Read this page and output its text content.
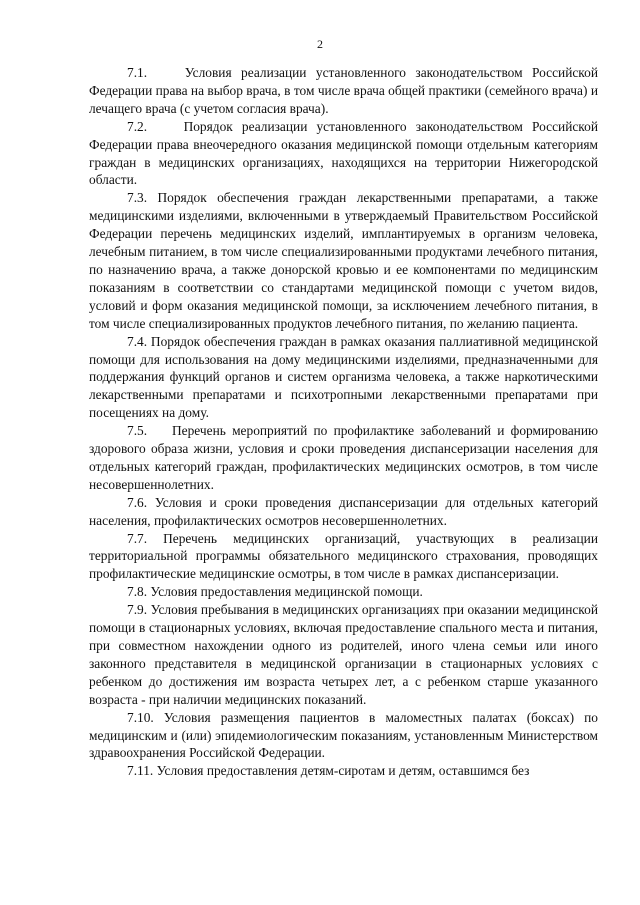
2

7.1.    Условия реализации установленного законодательством Российской Федерации права на выбор врача, в том числе врача общей практики (семейного врача) и лечащего врача (с учетом согласия врача).

7.2.    Порядок реализации установленного законодательством Российской Федерации права внеочередного оказания медицинской помощи отдельным категориям граждан в медицинских организациях, находящихся на территории Нижегородской области.

7.3. Порядок обеспечения граждан лекарственными препаратами, а также медицинскими изделиями, включенными в утверждаемый Правительством Российской Федерации перечень медицинских изделий, имплантируемых в организм человека, лечебным питанием, в том числе специализированными продуктами лечебного питания, по назначению врача, а также донорской кровью и ее компонентами по медицинским показаниям в соответствии со стандартами медицинской помощи с учетом видов, условий и форм оказания медицинской помощи, за исключением лечебного питания, в том числе специализированных продуктов лечебного питания, по желанию пациента.

7.4. Порядок обеспечения граждан в рамках оказания паллиативной медицинской помощи для использования на дому медицинскими изделиями, предназначенными для поддержания функций органов и систем организма человека, а также наркотическими лекарственными препаратами и психотропными лекарственными препаратами при посещениях на дому.

7.5.    Перечень мероприятий по профилактике заболеваний и формированию здорового образа жизни, условия и сроки проведения диспансеризации населения для отдельных категорий граждан, профилактических медицинских осмотров, в том числе несовершеннолетних.

7.6. Условия и сроки проведения диспансеризации для отдельных категорий населения, профилактических осмотров несовершеннолетних.

7.7. Перечень медицинских организаций, участвующих в реализации территориальной программы обязательного медицинского страхования, проводящих профилактические медицинские осмотры, в том числе в рамках диспансеризации.

7.8. Условия предоставления медицинской помощи.

7.9. Условия пребывания в медицинских организациях при оказании медицинской помощи в стационарных условиях, включая предоставление спального места и питания, при совместном нахождении одного из родителей, иного члена семьи или иного законного представителя в медицинской организации в стационарных условиях с ребенком до достижения им возраста четырех лет, а с ребенком старше указанного возраста - при наличии медицинских показаний.

7.10. Условия размещения пациентов в маломестных палатах (боксах) по медицинским и (или) эпидемиологическим показаниям, установленным Министерством здравоохранения Российской Федерации.

7.11. Условия предоставления детям-сиротам и детям, оставшимся без
